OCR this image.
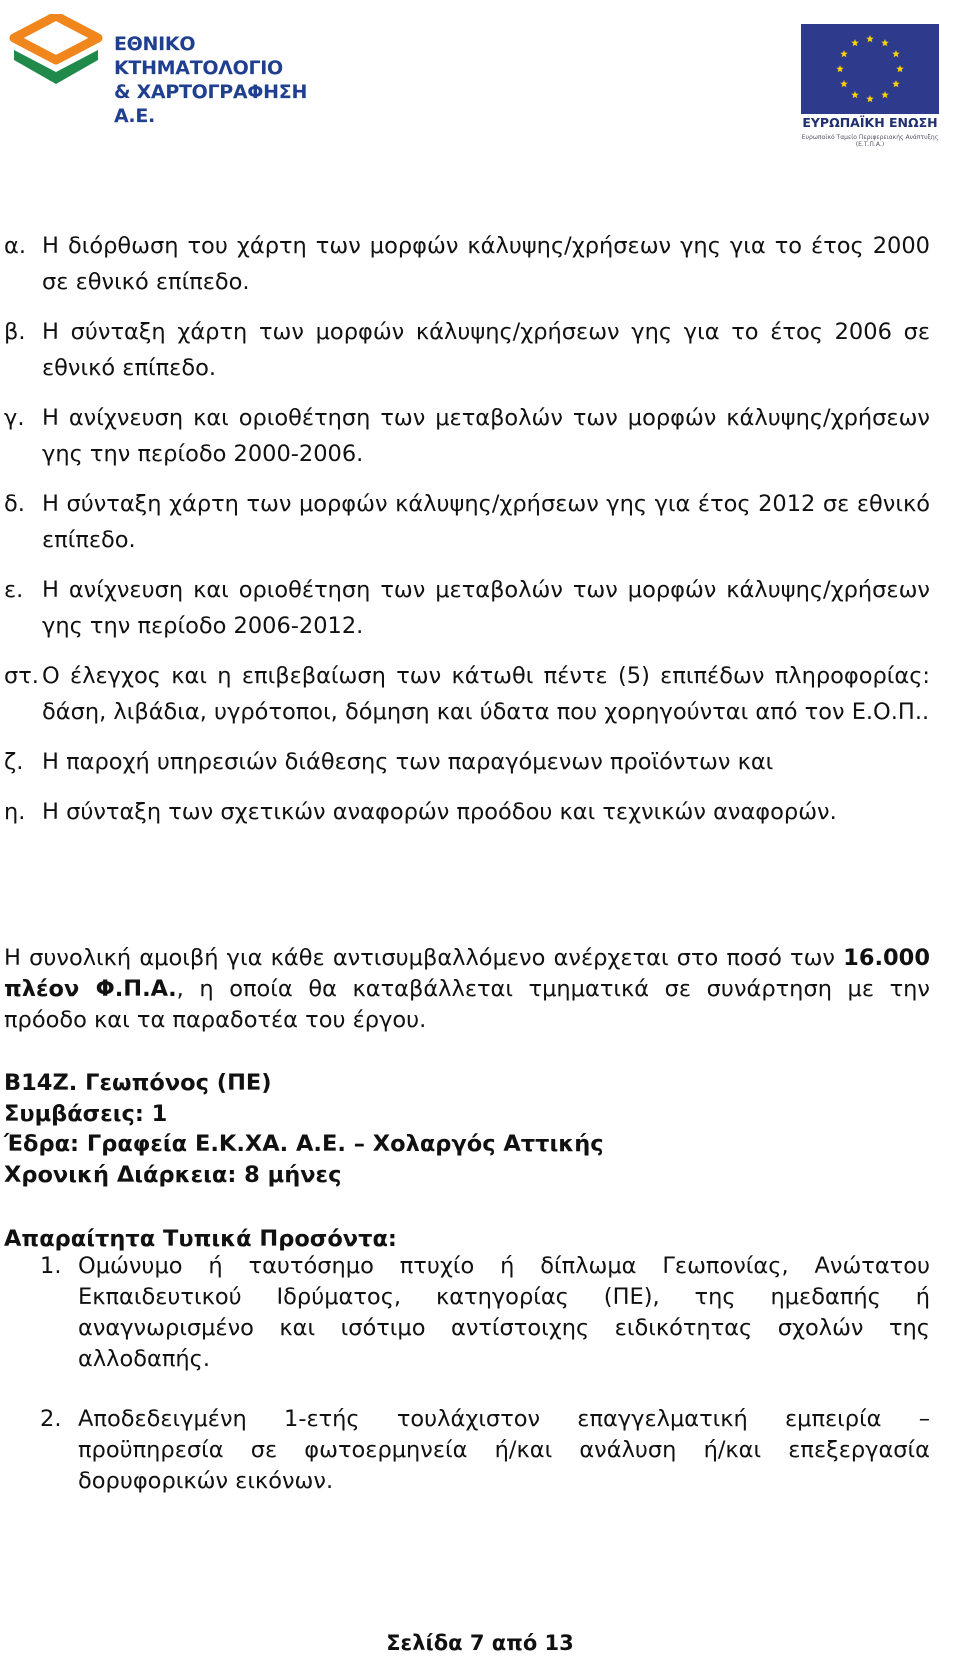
ΕΘΝΙΚΟ ΚΤΗΜΑΤΟΛΟΓΙΟ
& ΧΑΡΤΟΓΡΑΦΗΣΗ Α.Ε.	ΕΥΡΩΠΑΪΚΗ ΕΝΩΣΗ
Ευρωπαϊκό Ταμείο Περιφερειακής Ανάπτυξης (Ε.Τ.Π.Α.)
α. Η διόρθωση του χάρτη των μορφών κάλυψης/χρήσεων γης για το έτος 2000 σε εθνικό επίπεδο.
β. Η σύνταξη χάρτη των μορφών κάλυψης/χρήσεων γης για το έτος 2006 σε εθνικό επίπεδο.
γ. Η ανίχνευση και οριοθέτηση των μεταβολών των μορφών κάλυψης/χρήσεων γης την περίοδο 2000-2006.
δ. Η σύνταξη χάρτη των μορφών κάλυψης/χρήσεων γης για έτος 2012 σε εθνικό επίπεδο.
ε. Η ανίχνευση και οριοθέτηση των μεταβολών των μορφών κάλυψης/χρήσεων γης την περίοδο 2006-2012.
στ. Ο έλεγχος και η επιβεβαίωση των κάτωθι πέντε (5) επιπέδων πληροφορίας: δάση, λιβάδια, υγρότοποι, δόμηση και ύδατα που χορηγούνται από τον Ε.Ο.Π..
ζ. Η παροχή υπηρεσιών διάθεσης των παραγόμενων προϊόντων και
η. Η σύνταξη των σχετικών αναφορών προόδου και τεχνικών αναφορών.

Η συνολική αμοιβή για κάθε αντισυμβαλλόμενο ανέρχεται στο ποσό των 16.000 πλέον Φ.Π.Α., η οποία θα καταβάλλεται τμηματικά σε συνάρτηση με την πρόοδο και τα παραδοτέα του έργου.

Β14Ζ. Γεωπόνος (ΠΕ)
Συμβάσεις: 1
Έδρα: Γραφεία Ε.Κ.ΧΑ. Α.Ε. – Χολαργός Αττικής
Χρονική Διάρκεια: 8 μήνες
Απαραίτητα Τυπικά Προσόντα:
1. Ομώνυμο ή ταυτόσημο πτυχίο ή δίπλωμα Γεωπονίας, Ανώτατου Εκπαιδευτικού Ιδρύματος, κατηγορίας (ΠΕ), της ημεδαπής ή αναγνωρισμένο και ισότιμο αντίστοιχης ειδικότητας σχολών της αλλοδαπής.
2. Αποδεδειγμένη 1-ετής τουλάχιστον επαγγελματική εμπειρία – προϋπηρεσία σε φωτοερμηνεία ή/και ανάλυση ή/και επεξεργασία δορυφορικών εικόνων.
Σελίδα 7 από 13
